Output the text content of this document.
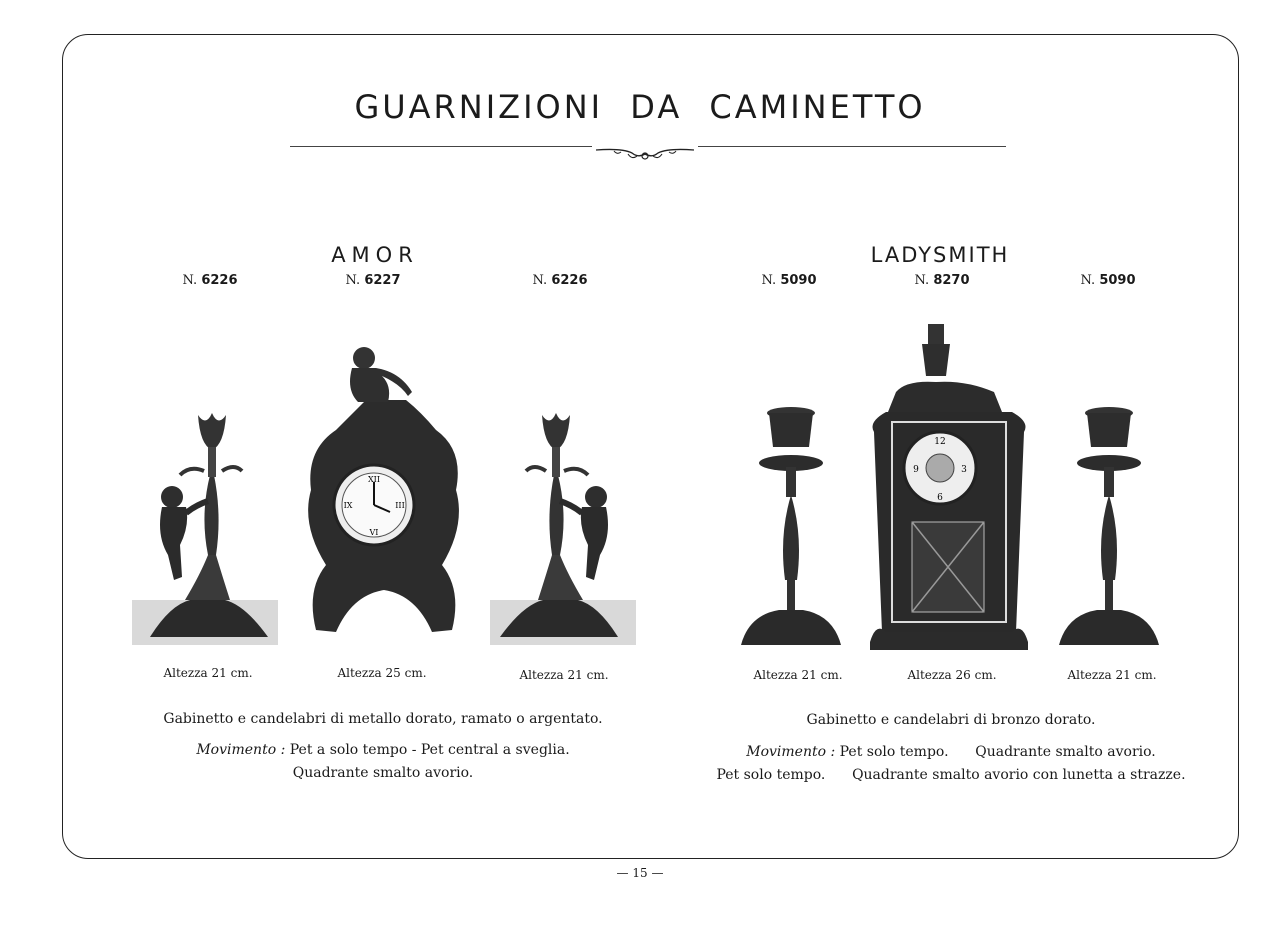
GUARNIZIONI DA CAMINETTO
AMOR
N. 6226	N. 6227	N. 6226
XII
III
VI
IX
Altezza 21 cm.	Altezza 25 cm.	Altezza 21 cm.
Gabinetto e candelabri di metallo dorato, ramato o argentato.
Movimento : Pet a solo tempo - Pet central a sveglia.
Quadrante smalto avorio.
LADYSMITH
N. 5090	N. 8270	N. 5090
12
3
6
9
Altezza 21 cm.	Altezza 26 cm.	Altezza 21 cm.
Gabinetto e candelabri di bronzo dorato.
Movimento : Pet solo tempo. Quadrante smalto avorio.
Pet solo tempo. Quadrante smalto avorio con lunetta a strazze.
— 15 —
